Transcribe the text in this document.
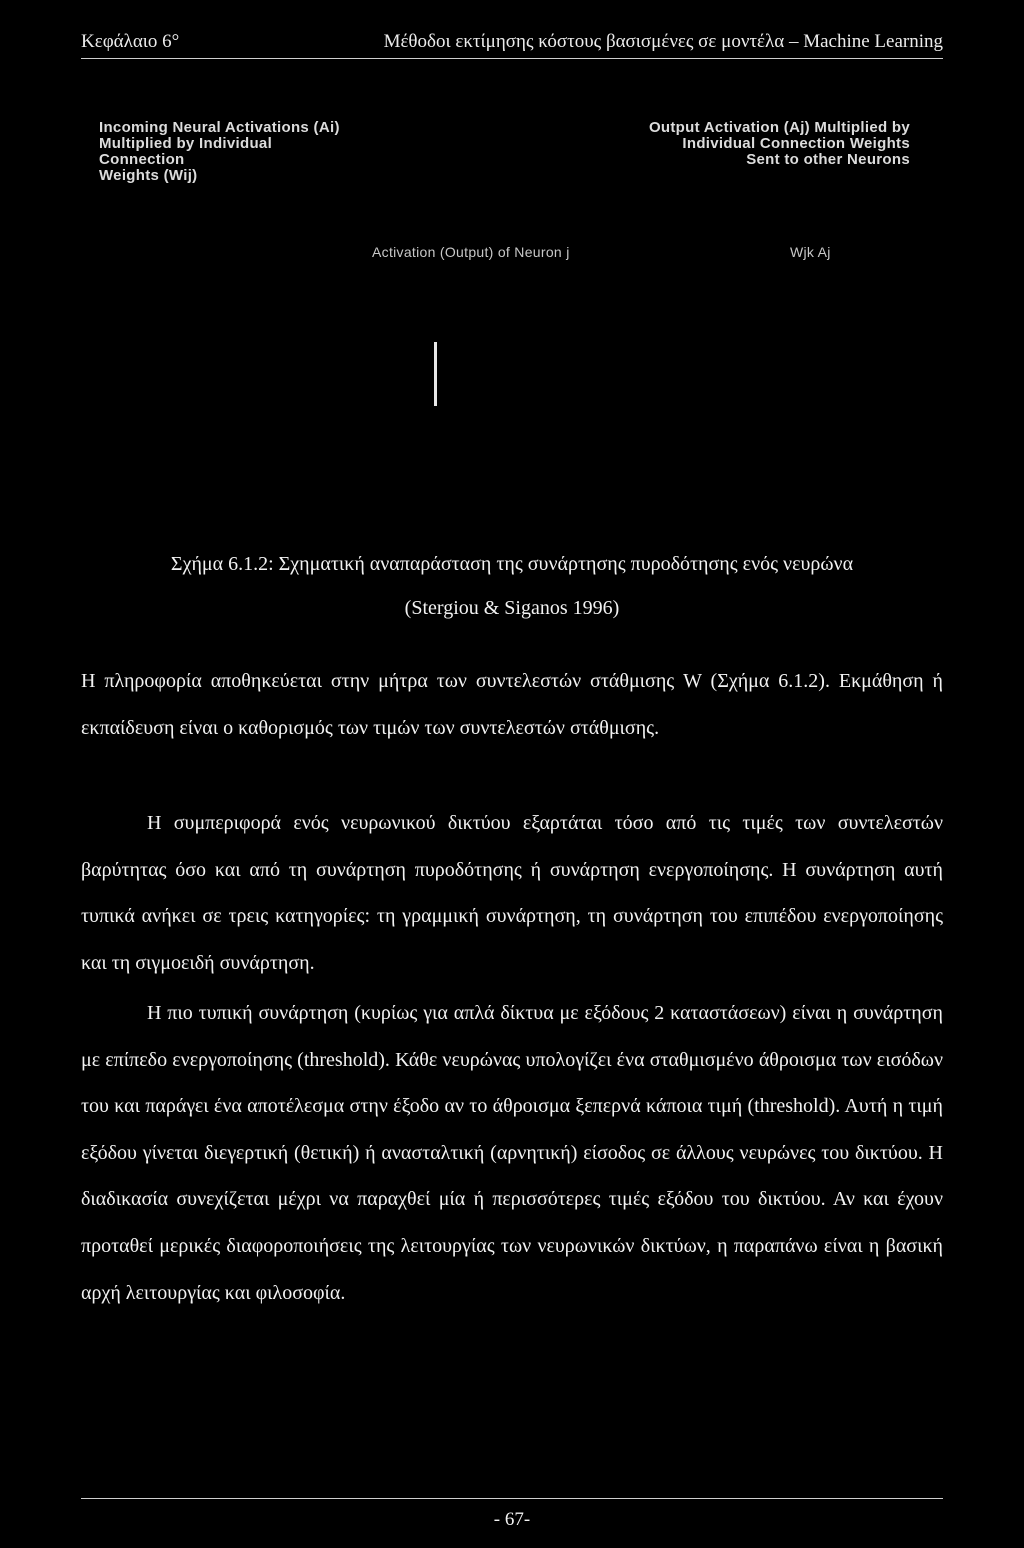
Κεφάλαιο 6°	Μέθοδοι εκτίμησης κόστους βασισμένες σε μοντέλα – Machine Learning
Incoming Neural Activations (Ai)
Multiplied by Individual
Connection
Weights (Wij)
Output Activation (Aj) Multiplied by
Individual Connection Weights
Sent to other Neurons
Activation (Output) of Neuron j	Wjk Aj
Σχήμα 6.1.2: Σχηματική αναπαράσταση της συνάρτησης πυροδότησης ενός νευρώνα
(Stergiou & Siganos 1996)

Η πληροφορία αποθηκεύεται στην μήτρα των συντελεστών στάθμισης W (Σχήμα 6.1.2). Εκμάθηση ή εκπαίδευση είναι ο καθορισμός των τιμών των συντελεστών στάθμισης.

Η συμπεριφορά ενός νευρωνικού δικτύου εξαρτάται τόσο από τις τιμές των συντελεστών βαρύτητας όσο και από τη συνάρτηση πυροδότησης ή συνάρτηση ενεργοποίησης. Η συνάρτηση αυτή τυπικά ανήκει σε τρεις κατηγορίες: τη γραμμική συνάρτηση, τη συνάρτηση του επιπέδου ενεργοποίησης και τη σιγμοειδή συνάρτηση.

Η πιο τυπική συνάρτηση (κυρίως για απλά δίκτυα με εξόδους 2 καταστάσεων) είναι η συνάρτηση με επίπεδο ενεργοποίησης (threshold). Κάθε νευρώνας υπολογίζει ένα σταθμισμένο άθροισμα των εισόδων του και παράγει ένα αποτέλεσμα στην έξοδο αν το άθροισμα ξεπερνά κάποια τιμή (threshold). Αυτή η τιμή εξόδου γίνεται διεγερτική (θετική) ή ανασταλτική (αρνητική) είσοδος σε άλλους νευρώνες του δικτύου. Η διαδικασία συνεχίζεται μέχρι να παραχθεί μία ή περισσότερες τιμές εξόδου του δικτύου. Αν και έχουν προταθεί μερικές διαφοροποιήσεις της λειτουργίας των νευρωνικών δικτύων, η παραπάνω είναι η βασική αρχή λειτουργίας και φιλοσοφία.

- 67-
